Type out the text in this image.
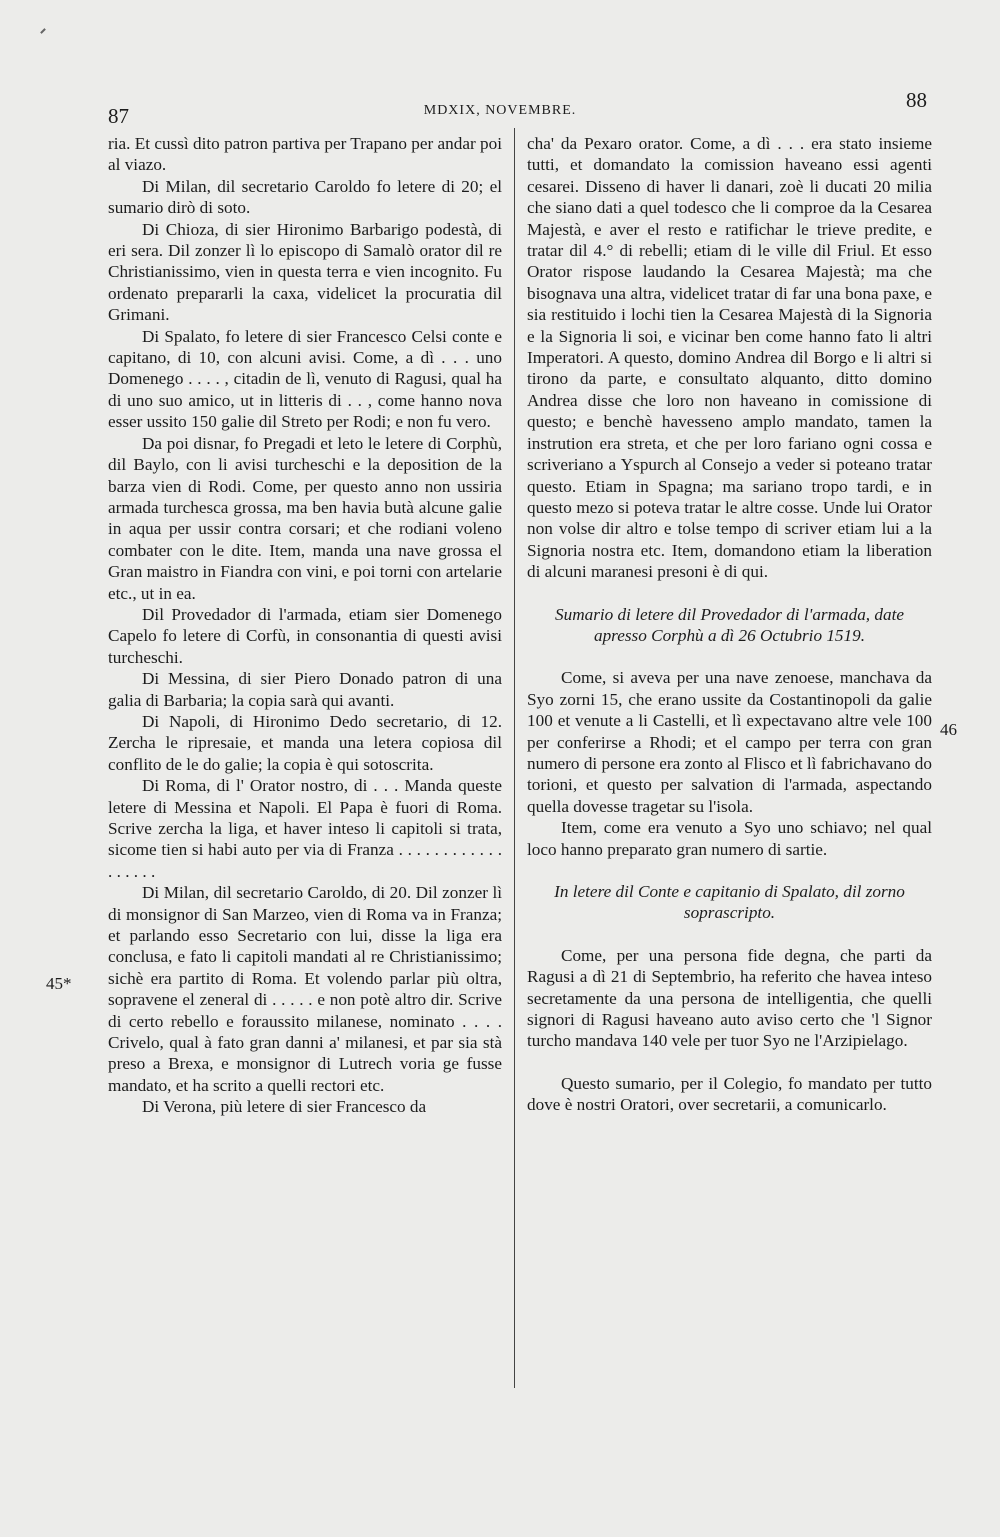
87	MDXIX, NOVEMBRE.	88
45*
46

ria. Et cussì dito patron partiva per Trapano per andar poi al viazo.

Di Milan, dil secretario Caroldo fo letere di 20; el sumario dirò di soto.

Di Chioza, di sier Hironimo Barbarigo podestà, di eri sera. Dil zonzer lì lo episcopo di Samalò orator dil re Christianissimo, vien in questa terra e vien incognito. Fu ordenato prepararli la caxa, videlicet la procuratia dil Grimani.

Di Spalato, fo letere di sier Francesco Celsi conte e capitano, di 10, con alcuni avisi. Come, a dì . . . uno Domenego . . . . , citadin de lì, venuto di Ragusi, qual ha di uno suo amico, ut in litteris di . . , come hanno nova esser ussito 150 galie dil Streto per Rodi; e non fu vero.

Da poi disnar, fo Pregadi et leto le letere di Corphù, dil Baylo, con li avisi turcheschi e la deposition de la barza vien di Rodi. Come, per questo anno non ussiria armada turchesca grossa, ma ben havia butà alcune galie in aqua per ussir contra corsari; et che rodiani voleno combater con le dite. Item, manda una nave grossa el Gran maistro in Fiandra con vini, e poi torni con artelarie etc., ut in ea.

Dil Provedador di l'armada, etiam sier Domenego Capelo fo letere di Corfù, in consonantia di questi avisi turcheschi.

Di Messina, di sier Piero Donado patron di una galia di Barbaria; la copia sarà qui avanti.

Di Napoli, di Hironimo Dedo secretario, di 12. Zercha le ripresaie, et manda una letera copiosa dil conflito de le do galie; la copia è qui sotoscrita.

Di Roma, di l' Orator nostro, di . . . Manda queste letere di Messina et Napoli. El Papa è fuori di Roma. Scrive zercha la liga, et haver inteso li capitoli si trata, sicome tien si habi auto per via di Franza . . . . . . . . . . . . . . . . . .

Di Milan, dil secretario Caroldo, di 20. Dil zonzer lì di monsignor di San Marzeo, vien di Roma va in Franza; et parlando esso Secretario con lui, disse la liga era conclusa, e fato li capitoli mandati al re Christianissimo; sichè era partito di Roma. Et volendo parlar più oltra, sopravene el zeneral di . . . . . e non potè altro dir. Scrive di certo rebello e foraussito milanese, nominato . . . . Crivelo, qual à fato gran danni a' milanesi, et par sia stà preso a Brexa, e monsignor di Lutrech voria ge fusse mandato, et ha scrito a quelli rectori etc.

Di Verona, più letere di sier Francesco da

cha' da Pexaro orator. Come, a dì . . . era stato insieme tutti, et domandato la comission haveano essi agenti cesarei. Disseno di haver li danari, zoè li ducati 20 milia che siano dati a quel todesco che li comproe da la Cesarea Majestà, e aver el resto e ratifichar le trieve predite, e tratar dil 4.° di rebelli; etiam di le ville dil Friul. Et esso Orator rispose laudando la Cesarea Majestà; ma che bisognava una altra, videlicet tratar di far una bona paxe, e sia restituido i lochi tien la Cesarea Majestà di la Signoria e la Signoria li soi, e vicinar ben come hanno fato li altri Imperatori. A questo, domino Andrea dil Borgo e li altri si tirono da parte, e consultato alquanto, ditto domino Andrea disse che loro non haveano in comissione di questo; e benchè havesseno amplo mandato, tamen la instrution era streta, et che per loro fariano ogni cossa e scriveriano a Yspurch al Consejo a veder si poteano tratar questo. Etiam in Spagna; ma sariano tropo tardi, e in questo mezo si poteva tratar le altre cosse. Unde lui Orator non volse dir altro e tolse tempo di scriver etiam lui a la Signoria nostra etc. Item, domandono etiam la liberation di alcuni maranesi presoni è di qui.

Sumario di letere dil Provedador di l'armada, date apresso Corphù a dì 26 Octubrio 1519.

Come, si aveva per una nave zenoese, manchava da Syo zorni 15, che erano ussite da Costantinopoli da galie 100 et venute a li Castelli, et lì expectavano altre vele 100 per conferirse a Rhodi; et el campo per terra con gran numero di persone era zonto al Flisco et lì fabrichavano do torioni, et questo per salvation di l'armada, aspectando quella dovesse tragetar su l'isola.

Item, come era venuto a Syo uno schiavo; nel qual loco hanno preparato gran numero di sartie.

In letere dil Conte e capitanio di Spalato, dil zorno soprascripto.

Come, per una persona fide degna, che parti da Ragusi a dì 21 di Septembrio, ha referito che havea inteso secretamente da una persona de intelligentia, che quelli signori di Ragusi haveano auto aviso certo che 'l Signor turcho mandava 140 vele per tuor Syo ne l'Arzipielago.

Questo sumario, per il Colegio, fo mandato per tutto dove è nostri Oratori, over secretarii, a comunicarlo.
